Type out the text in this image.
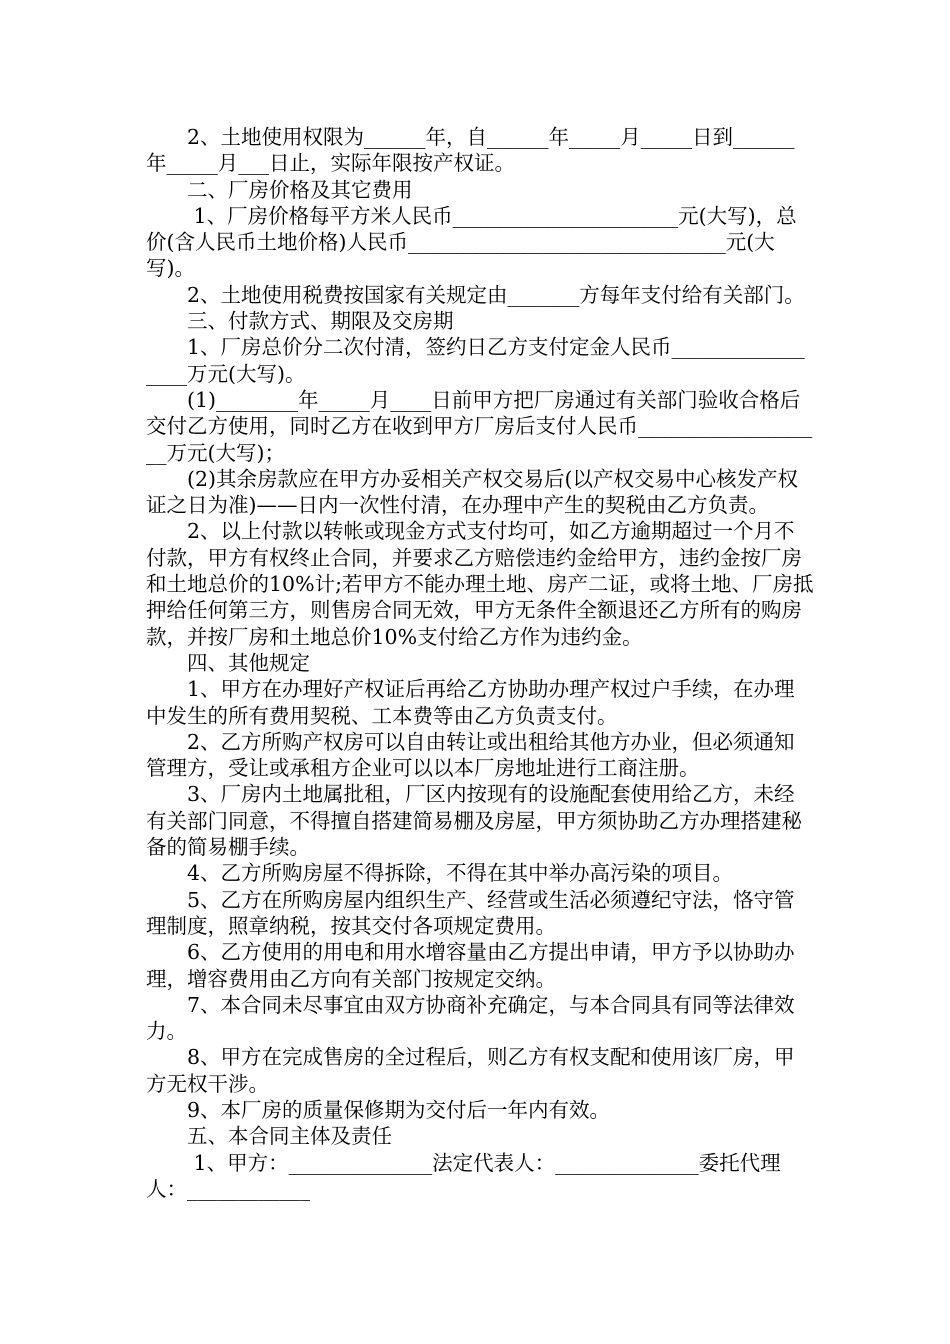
2、土地使用权限为______年，自______年_____月_____日到______年_____月___日止，实际年限按产权证。

二、厂房价格及其它费用

1、厂房价格每平方米人民币______________________元(大写)，总价(含人民币土地价格)人民币_______________________________元(大写)。

2、土地使用税费按国家有关规定由_______方每年支付给有关部门。

三、付款方式、期限及交房期

1、厂房总价分二次付清，签约日乙方支付定金人民币_________________万元(大写)。

(1)________年_____月____日前甲方把厂房通过有关部门验收合格后交付乙方使用，同时乙方在收到甲方厂房后支付人民币___________________万元(大写)；

(2)其余房款应在甲方办妥相关产权交易后(以产权交易中心核发产权证之日为准)——日内一次性付清，在办理中产生的契税由乙方负责。

2、以上付款以转帐或现金方式支付均可，如乙方逾期超过一个月不付款，甲方有权终止合同，并要求乙方赔偿违约金给甲方，违约金按厂房和土地总价的10%计;若甲方不能办理土地、房产二证，或将土地、厂房抵押给任何第三方，则售房合同无效，甲方无条件全额退还乙方所有的购房款，并按厂房和土地总价10%支付给乙方作为违约金。

四、其他规定

1、甲方在办理好产权证后再给乙方协助办理产权过户手续，在办理中发生的所有费用契税、工本费等由乙方负责支付。

2、乙方所购产权房可以自由转让或出租给其他方办业，但必须通知管理方，受让或承租方企业可以以本厂房地址进行工商注册。

3、厂房内土地属批租，厂区内按现有的设施配套使用给乙方，未经有关部门同意，不得擅自搭建简易棚及房屋，甲方须协助乙方办理搭建秘备的简易棚手续。

4、乙方所购房屋不得拆除，不得在其中举办高污染的项目。

5、乙方在所购房屋内组织生产、经营或生活必须遵纪守法，恪守管理制度，照章纳税，按其交付各项规定费用。

6、乙方使用的用电和用水增容量由乙方提出申请，甲方予以协助办理，增容费用由乙方向有关部门按规定交纳。

7、本合同未尽事宜由双方协商补充确定，与本合同具有同等法律效力。

8、甲方在完成售房的全过程后，则乙方有权支配和使用该厂房，甲方无权干涉。

9、本厂房的质量保修期为交付后一年内有效。

五、本合同主体及责任

1、甲方：______________法定代表人：______________委托代理人：____________
